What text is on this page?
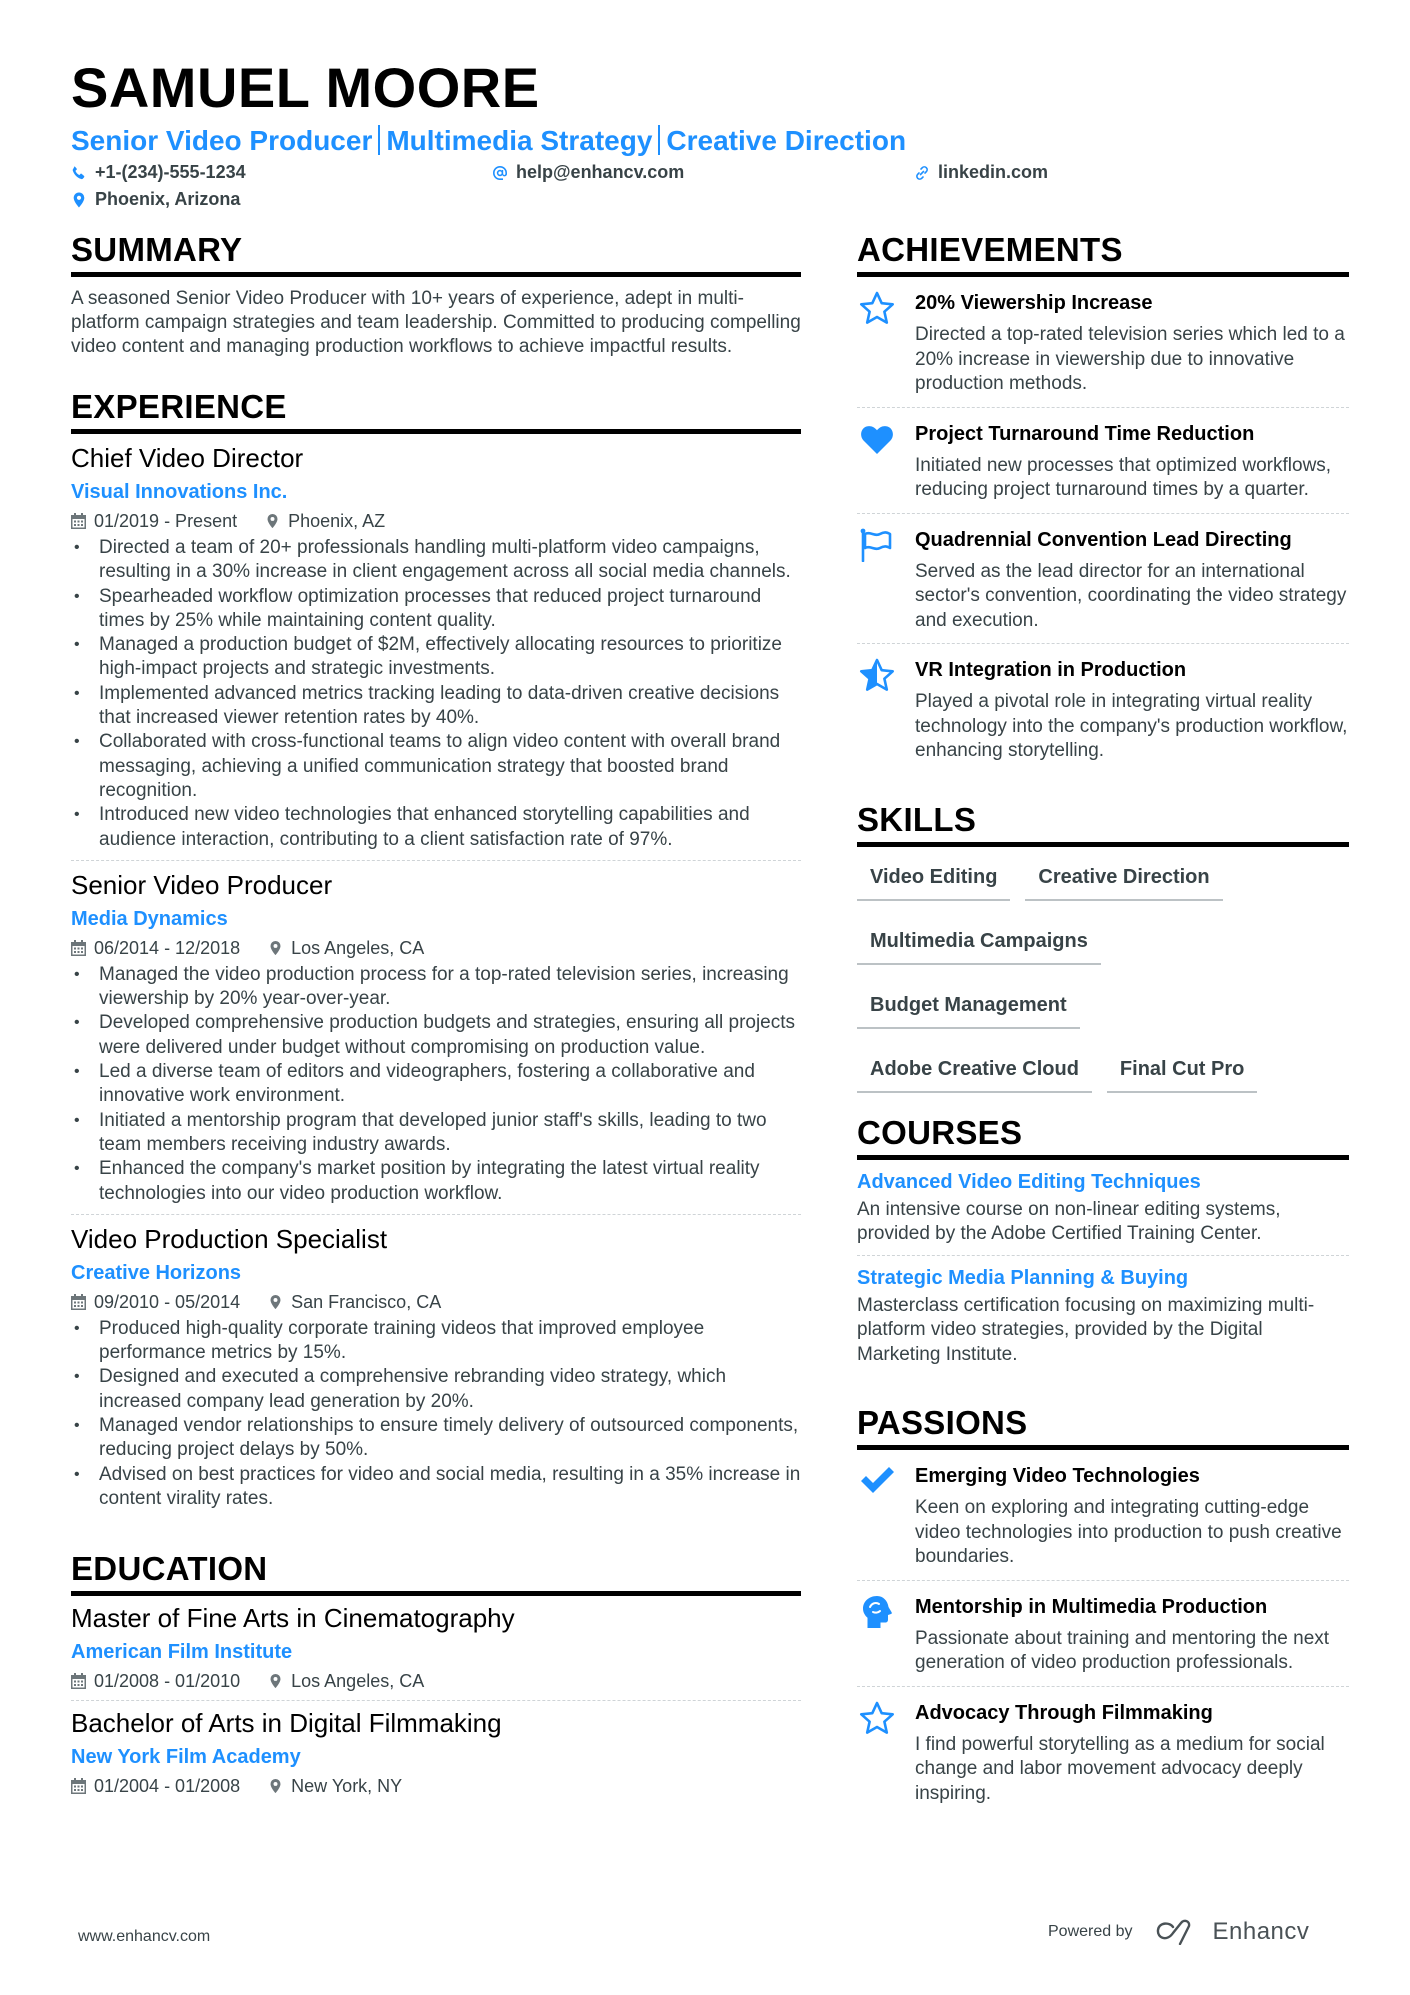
SAMUEL MOORE
Senior Video Producer Multimedia Strategy Creative Direction
+1-(234)-555-1234	help@enhancv.com	linkedin.com
Phoenix, Arizona
SUMMARY

A seasoned Senior Video Producer with 10+ years of experience, adept in multi-platform campaign strategies and team leadership. Committed to producing compelling video content and managing production workflows to achieve impactful results.

EXPERIENCE
Chief Video Director
Visual Innovations Inc.
01/2019 - Present	Phoenix, AZ
• Directed a team of 20+ professionals handling multi-platform video campaigns, resulting in a 30% increase in client engagement across all social media channels.
• Spearheaded workflow optimization processes that reduced project turnaround times by 25% while maintaining content quality.
• Managed a production budget of $2M, effectively allocating resources to prioritize high-impact projects and strategic investments.
• Implemented advanced metrics tracking leading to data-driven creative decisions that increased viewer retention rates by 40%.
• Collaborated with cross-functional teams to align video content with overall brand messaging, achieving a unified communication strategy that boosted brand recognition.
• Introduced new video technologies that enhanced storytelling capabilities and audience interaction, contributing to a client satisfaction rate of 97%.
Senior Video Producer
Media Dynamics
06/2014 - 12/2018	Los Angeles, CA
• Managed the video production process for a top-rated television series, increasing viewership by 20% year-over-year.
• Developed comprehensive production budgets and strategies, ensuring all projects were delivered under budget without compromising on production value.
• Led a diverse team of editors and videographers, fostering a collaborative and innovative work environment.
• Initiated a mentorship program that developed junior staff's skills, leading to two team members receiving industry awards.
• Enhanced the company's market position by integrating the latest virtual reality technologies into our video production workflow.
Video Production Specialist
Creative Horizons
09/2010 - 05/2014	San Francisco, CA
• Produced high-quality corporate training videos that improved employee performance metrics by 15%.
• Designed and executed a comprehensive rebranding video strategy, which increased company lead generation by 20%.
• Managed vendor relationships to ensure timely delivery of outsourced components, reducing project delays by 50%.
• Advised on best practices for video and social media, resulting in a 35% increase in content virality rates.
EDUCATION
Master of Fine Arts in Cinematography
American Film Institute
01/2008 - 01/2010	Los Angeles, CA
Bachelor of Arts in Digital Filmmaking
New York Film Academy
01/2004 - 01/2008	New York, NY
ACHIEVEMENTS
20% Viewership Increase
Directed a top-rated television series which led to a 20% increase in viewership due to innovative production methods.
Project Turnaround Time Reduction
Initiated new processes that optimized workflows, reducing project turnaround times by a quarter.
Quadrennial Convention Lead Directing
Served as the lead director for an international sector's convention, coordinating the video strategy and execution.
VR Integration in Production
Played a pivotal role in integrating virtual reality technology into the company's production workflow, enhancing storytelling.
SKILLS
Video Editing	Creative Direction
Multimedia Campaigns
Budget Management
Adobe Creative Cloud	Final Cut Pro
COURSES
Advanced Video Editing Techniques
An intensive course on non-linear editing systems, provided by the Adobe Certified Training Center.
Strategic Media Planning & Buying
Masterclass certification focusing on maximizing multi-platform video strategies, provided by the Digital Marketing Institute.
PASSIONS
Emerging Video Technologies
Keen on exploring and integrating cutting-edge video technologies into production to push creative boundaries.
Mentorship in Multimedia Production
Passionate about training and mentoring the next generation of video production professionals.
Advocacy Through Filmmaking
I find powerful storytelling as a medium for social change and labor movement advocacy deeply inspiring.
www.enhancv.com	Powered by	Enhancv
